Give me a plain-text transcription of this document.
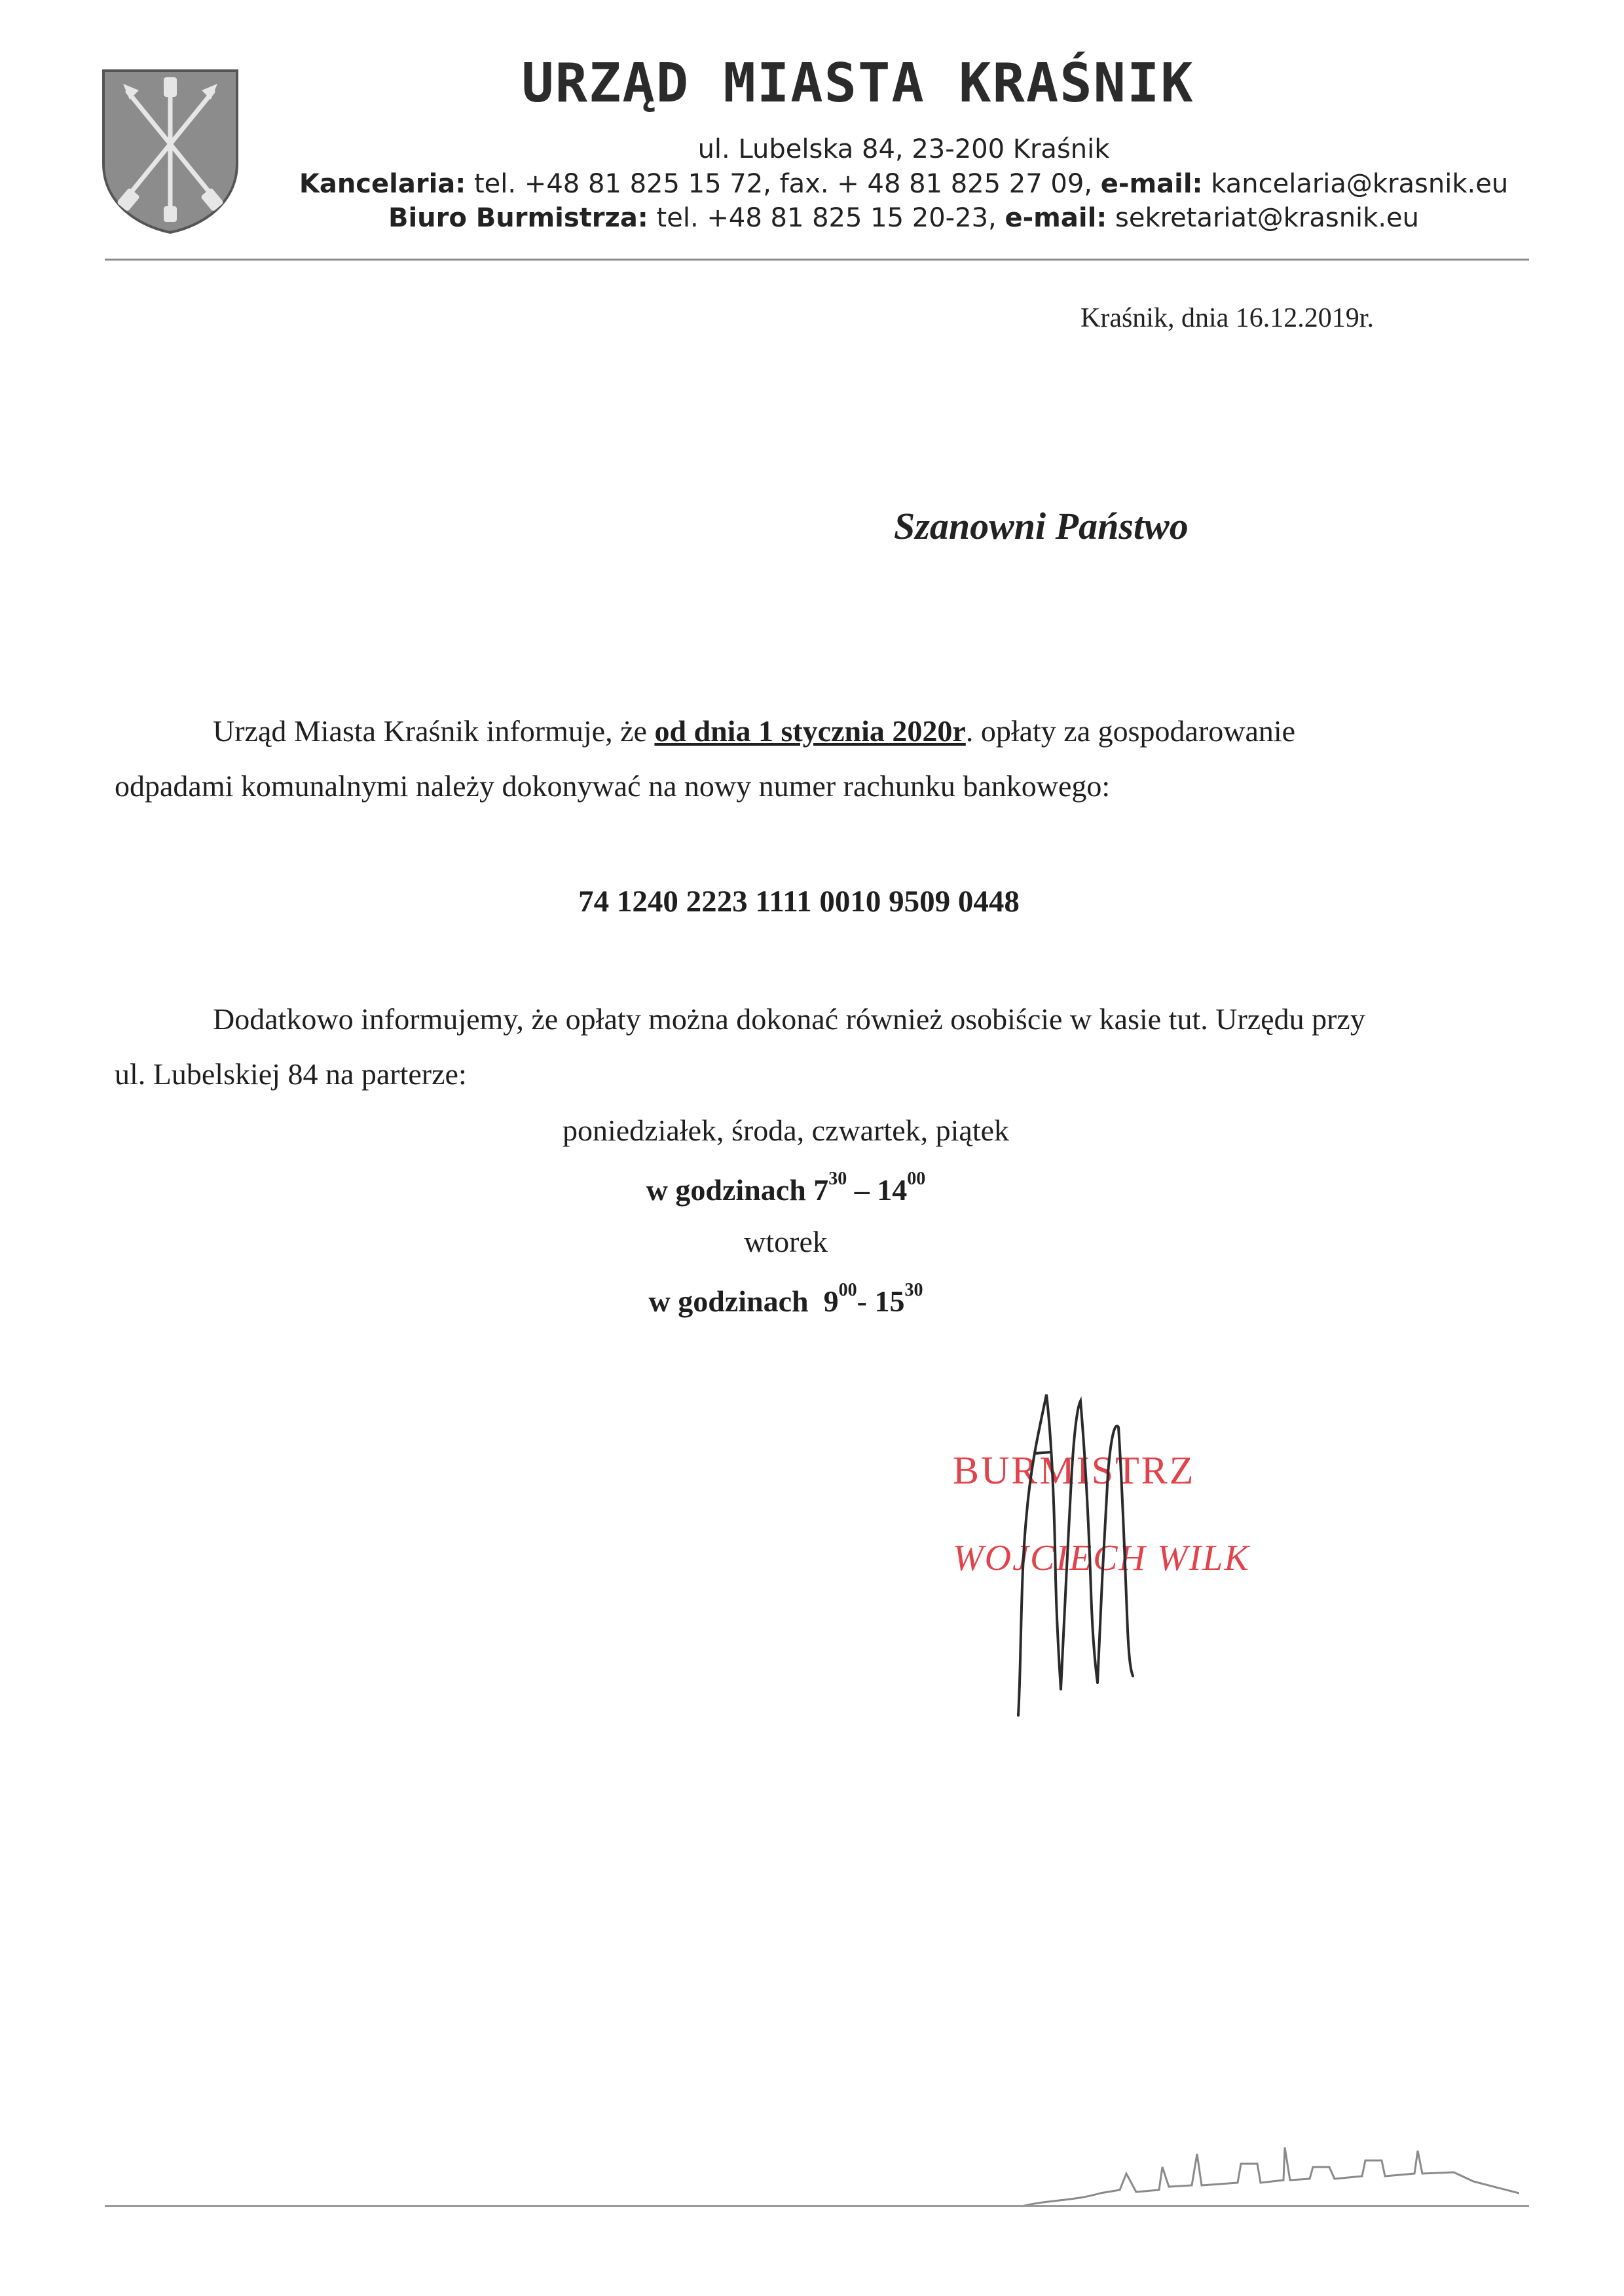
URZĄD MIASTA KRAŚNIK
ul. Lubelska 84, 23-200 Kraśnik
Kancelaria: tel. +48 81 825 15 72, fax. + 48 81 825 27 09, e-mail: kancelaria@krasnik.eu
Biuro Burmistrza: tel. +48 81 825 15 20-23, e-mail: sekretariat@krasnik.eu
Kraśnik, dnia 16.12.2019r.
Szanowni Państwo
Urząd Miasta Kraśnik informuje, że od dnia 1 stycznia 2020r. opłaty za gospodarowanie
odpadami komunalnymi należy dokonywać na nowy numer rachunku bankowego:
74 1240 2223 1111 0010 9509 0448
Dodatkowo informujemy, że opłaty można dokonać również osobiście w kasie tut. Urzędu przy
ul. Lubelskiej 84 na parterze:
poniedziałek, środa, czwartek, piątek
w godzinach $7^{30} - 14^{00}$
wtorek
w godzinach $9^{00}-$ $15^{30}$
BURMISTRZ
WOJCIECH WILK
